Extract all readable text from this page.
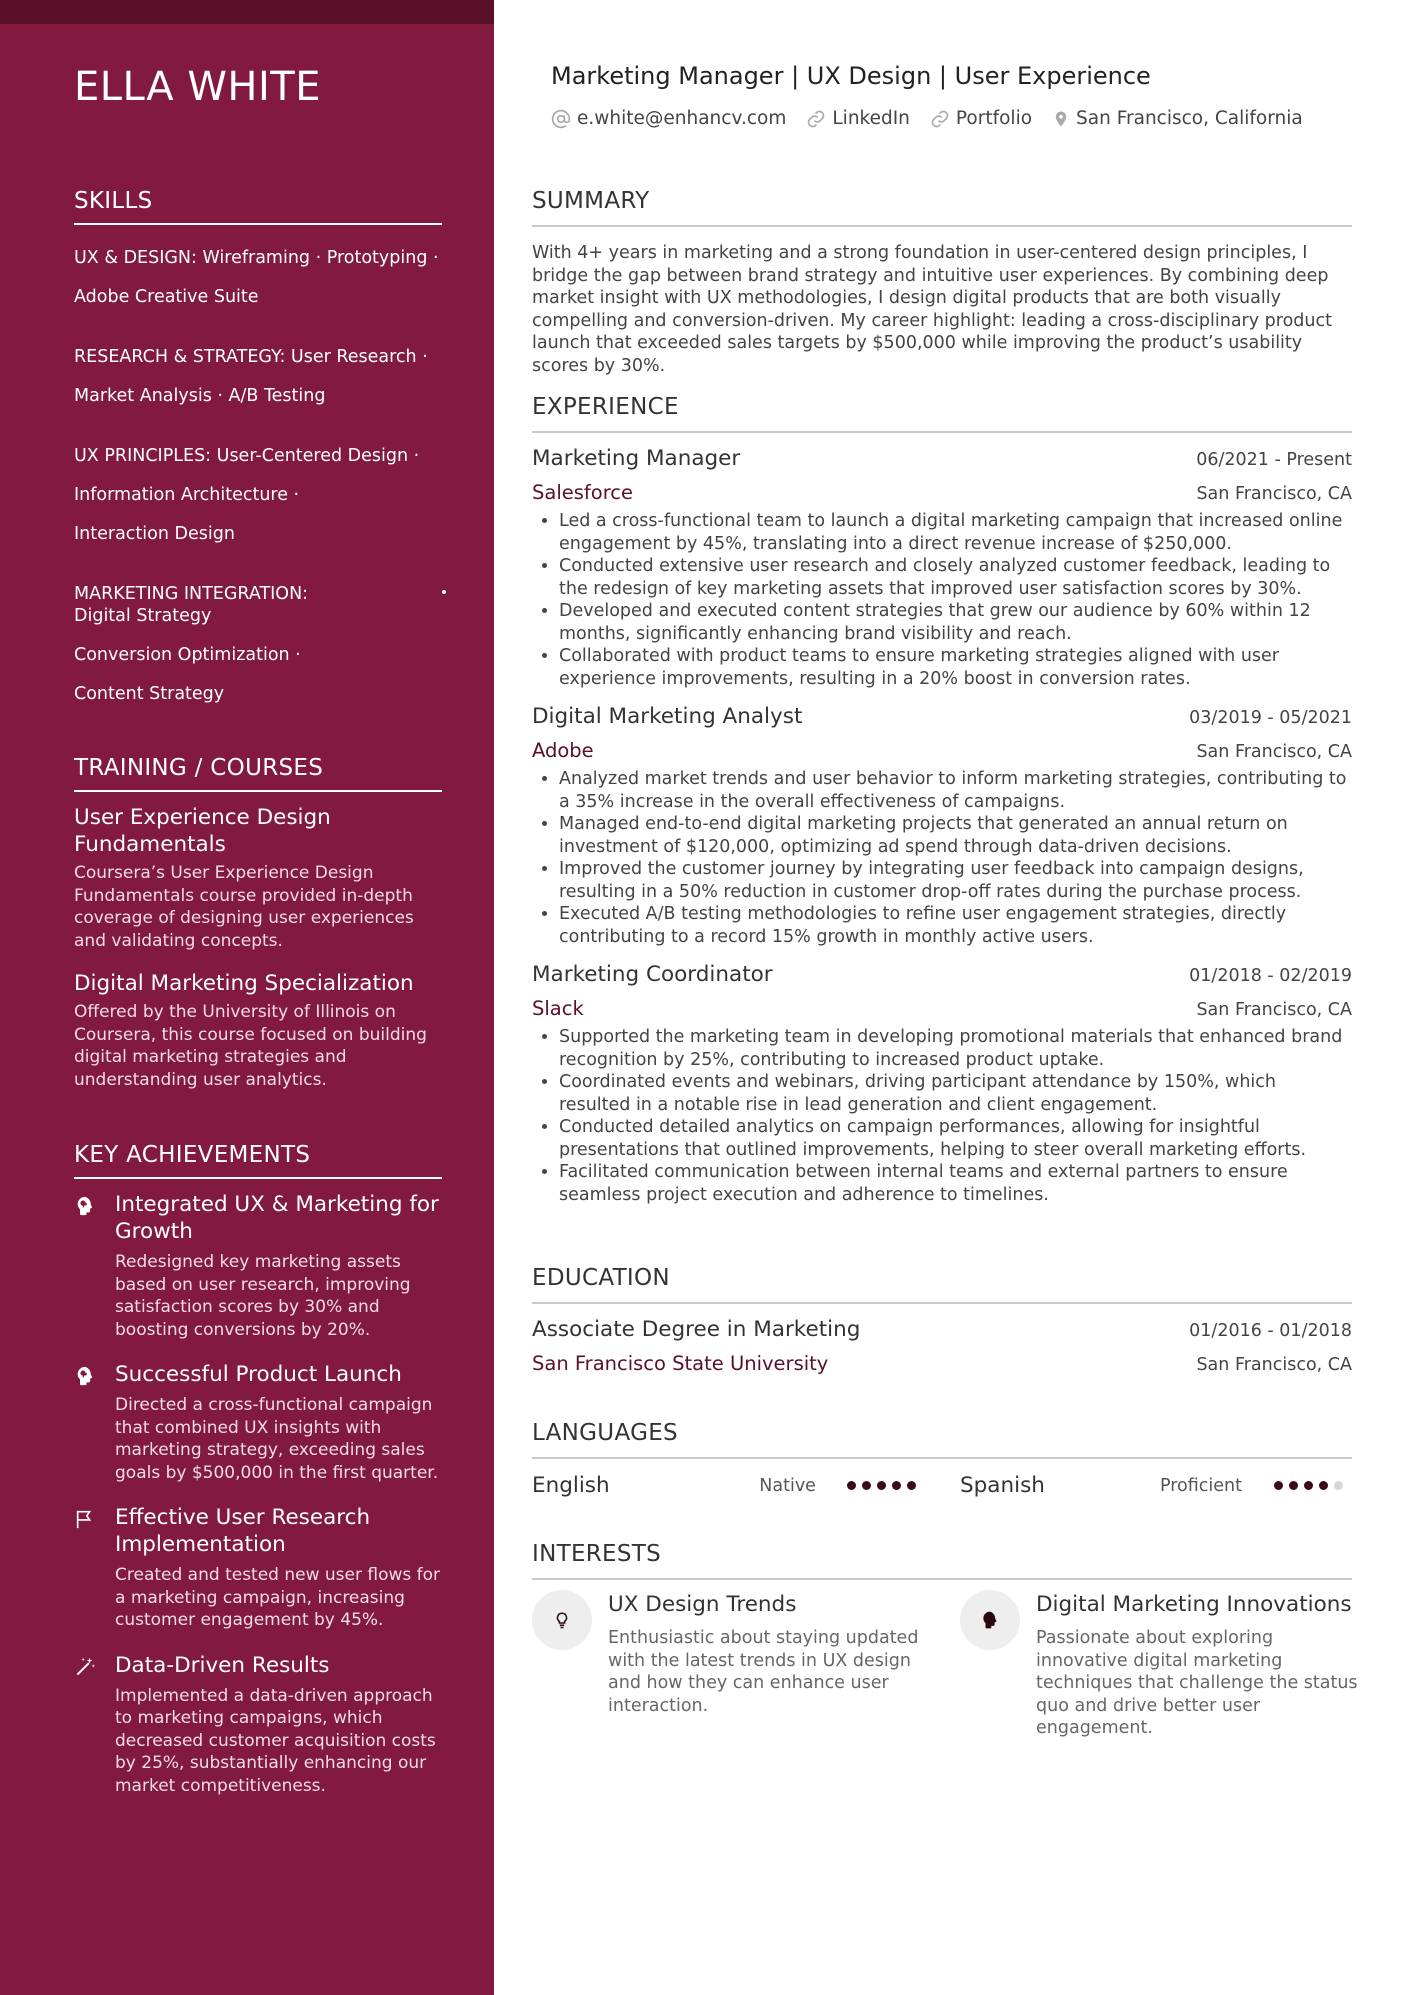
ELLA WHITE
SKILLS
UX & DESIGN: Wireframing · Prototyping ·
Adobe Creative Suite
RESEARCH & STRATEGY: User Research ·
Market Analysis · A/B Testing
UX PRINCIPLES: User-Centered Design ·
Information Architecture ·
Interaction Design
MARKETING INTEGRATION: Digital Strategy
Conversion Optimization ·
Content Strategy
TRAINING / COURSES
User Experience Design Fundamentals
Coursera’s User Experience Design Fundamentals course provided in-depth coverage of designing user experiences and validating concepts.
Digital Marketing Specialization
Offered by the University of Illinois on Coursera, this course focused on building digital marketing strategies and understanding user analytics.
KEY ACHIEVEMENTS
Integrated UX & Marketing for Growth
Redesigned key marketing assets based on user research, improving satisfaction scores by 30% and boosting conversions by 20%.
Successful Product Launch
Directed a cross-functional campaign that combined UX insights with marketing strategy, exceeding sales goals by $500,000 in the first quarter.
Effective User Research Implementation
Created and tested new user flows for a marketing campaign, increasing customer engagement by 45%.
Data-Driven Results
Implemented a data-driven approach to marketing campaigns, which decreased customer acquisition costs by 25%, substantially enhancing our market competitiveness.
Marketing Manager | UX Design | User Experience
e.white@enhancv.com LinkedIn Portfolio San Francisco, California
SUMMARY
With 4+ years in marketing and a strong foundation in user-centered design principles, I bridge the gap between brand strategy and intuitive user experiences. By combining deep market insight with UX methodologies, I design digital products that are both visually compelling and conversion-driven. My career highlight: leading a cross-disciplinary product launch that exceeded sales targets by $500,000 while improving the product’s usability scores by 30%.
EXPERIENCE
Marketing Manager	06/2021 - Present
Salesforce	San Francisco, CA
• Led a cross-functional team to launch a digital marketing campaign that increased online engagement by 45%, translating into a direct revenue increase of $250,000.
• Conducted extensive user research and closely analyzed customer feedback, leading to the redesign of key marketing assets that improved user satisfaction scores by 30%.
• Developed and executed content strategies that grew our audience by 60% within 12 months, significantly enhancing brand visibility and reach.
• Collaborated with product teams to ensure marketing strategies aligned with user experience improvements, resulting in a 20% boost in conversion rates.
Digital Marketing Analyst	03/2019 - 05/2021
Adobe	San Francisco, CA
• Analyzed market trends and user behavior to inform marketing strategies, contributing to a 35% increase in the overall effectiveness of campaigns.
• Managed end-to-end digital marketing projects that generated an annual return on investment of $120,000, optimizing ad spend through data-driven decisions.
• Improved the customer journey by integrating user feedback into campaign designs, resulting in a 50% reduction in customer drop-off rates during the purchase process.
• Executed A/B testing methodologies to refine user engagement strategies, directly contributing to a record 15% growth in monthly active users.
Marketing Coordinator	01/2018 - 02/2019
Slack	San Francisco, CA
• Supported the marketing team in developing promotional materials that enhanced brand recognition by 25%, contributing to increased product uptake.
• Coordinated events and webinars, driving participant attendance by 150%, which resulted in a notable rise in lead generation and client engagement.
• Conducted detailed analytics on campaign performances, allowing for insightful presentations that outlined improvements, helping to steer overall marketing efforts.
• Facilitated communication between internal teams and external partners to ensure seamless project execution and adherence to timelines.
EDUCATION
Associate Degree in Marketing	01/2016 - 01/2018
San Francisco State University	San Francisco, CA
LANGUAGES
English	Native	Spanish	Proficient
INTERESTS
UX Design Trends
Enthusiastic about staying updated with the latest trends in UX design and how they can enhance user interaction.
Digital Marketing Innovations
Passionate about exploring innovative digital marketing techniques that challenge the status quo and drive better user engagement.
